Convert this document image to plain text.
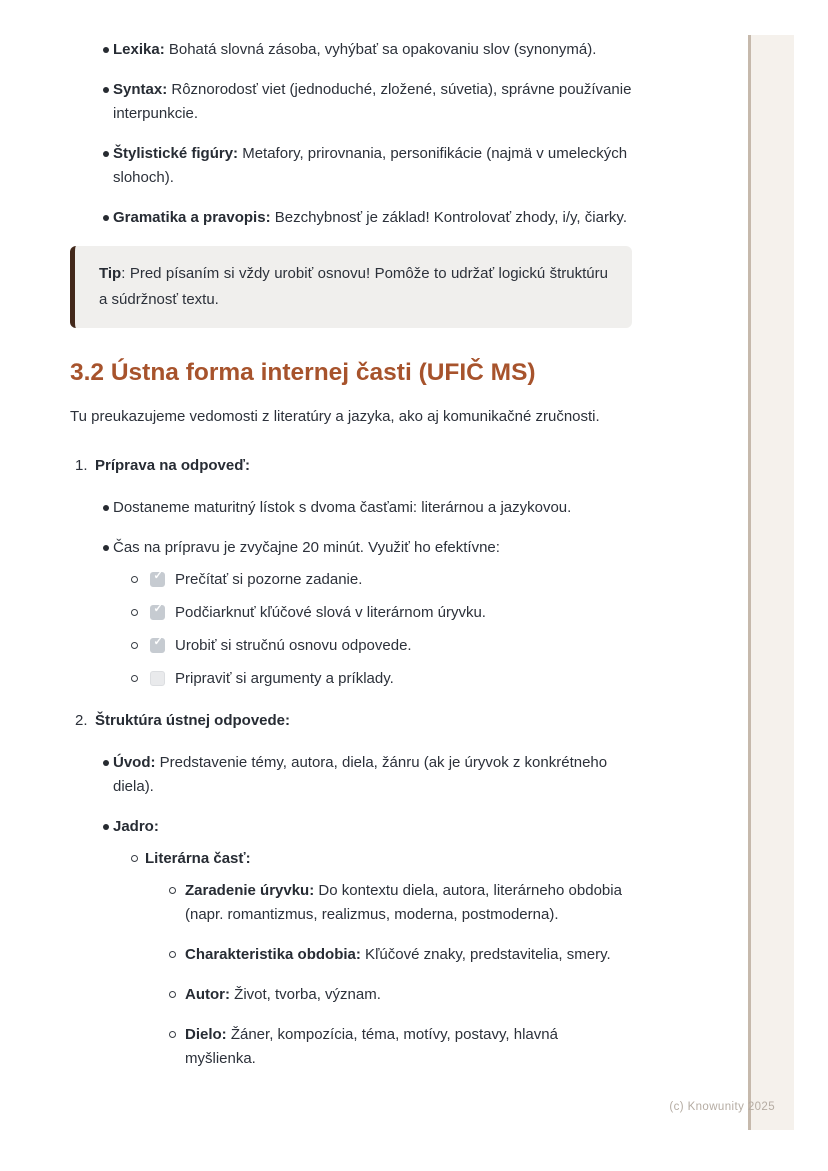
Lexika: Bohatá slovná zásoba, vyhýbať sa opakovaniu slov (synonymá).
Syntax: Rôznorodosť viet (jednoduché, zložené, súvetia), správne používanie interpunkcie.
Štylistické figúry: Metafory, prirovnania, personifikácie (najmä v umeleckých slohoch).
Gramatika a pravopis: Bezchybnosť je základ! Kontrolovať zhody, i/y, čiarky.
Tip: Pred písaním si vždy urobiť osnovu! Pomôže to udržať logickú štruktúru a súdržnosť textu.
3.2 Ústna forma internej časti (UFIČ MS)

Tu preukazujeme vedomosti z literatúry a jazyka, ako aj komunikačné zručnosti.

1. Príprava na odpoveď:
Dostaneme maturitný lístok s dvoma časťami: literárnou a jazykovou.
Čas na prípravu je zvyčajne 20 minút. Využiť ho efektívne:
✓
Prečítať si pozorne zadanie.
✓
Podčiarknuť kľúčové slová v literárnom úryvku.
✓
Urobiť si stručnú osnovu odpovede.
Pripraviť si argumenty a príklady.
2. Štruktúra ústnej odpovede:
Úvod: Predstavenie témy, autora, diela, žánru (ak je úryvok z konkrétneho diela).
Jadro:
Literárna časť:
Zaradenie úryvku: Do kontextu diela, autora, literárneho obdobia (napr. romantizmus, realizmus, moderna, postmoderna).
Charakteristika obdobia: Kľúčové znaky, predstavitelia, smery.
Autor: Život, tvorba, význam.
Dielo: Žáner, kompozícia, téma, motívy, postavy, hlavná myšlienka.
(c) Knowunity 2025
